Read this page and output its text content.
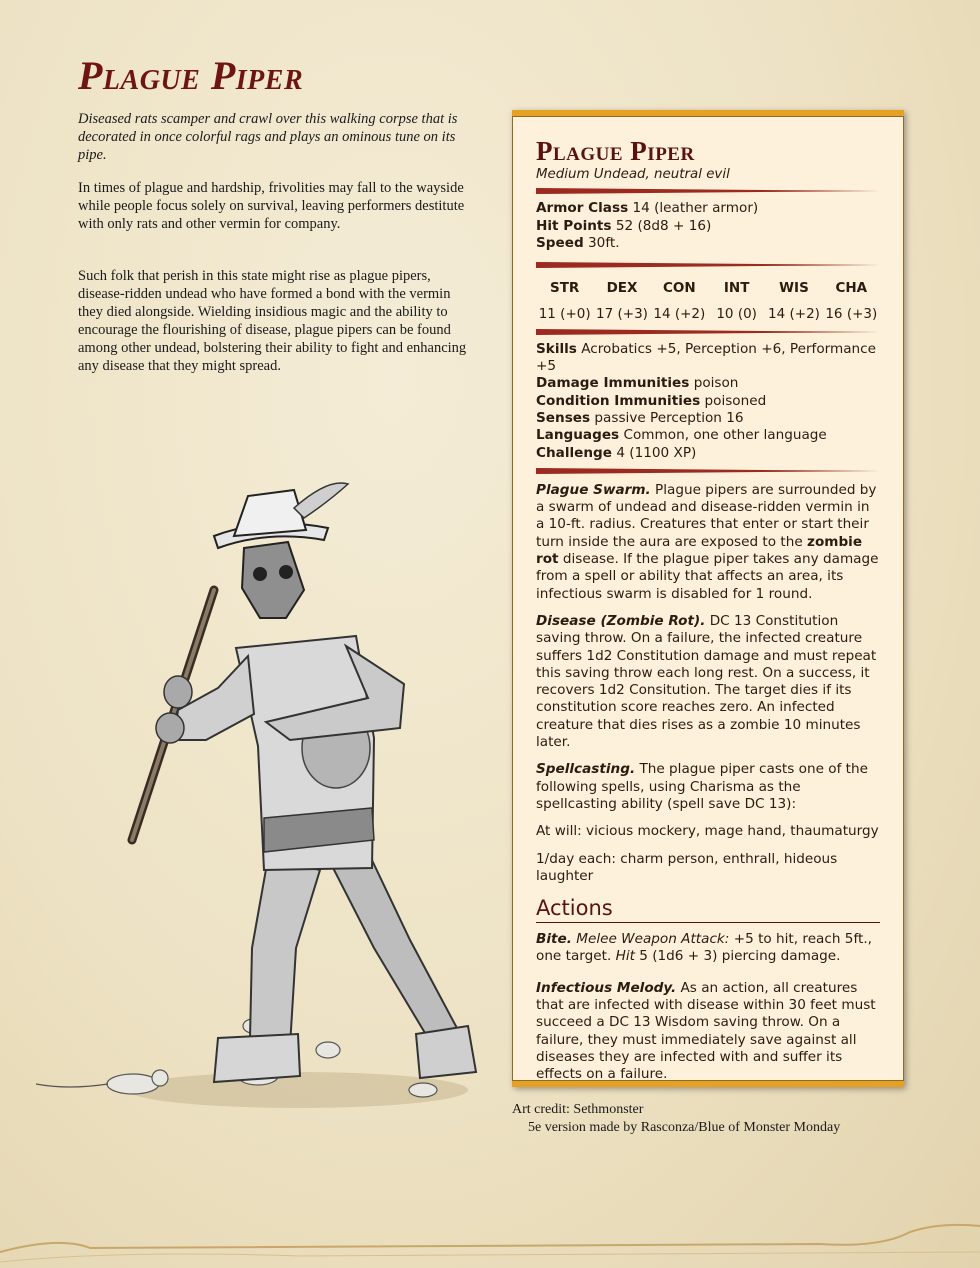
Plague Piper

Diseased rats scamper and crawl over this walking corpse that is decorated in once colorful rags and plays an ominous tune on its pipe.

In times of plague and hardship, frivolities may fall to the wayside while people focus solely on survival, leaving performers destitute with only rats and other vermin for company.

Such folk that perish in this state might rise as plague pipers, disease-ridden undead who have formed a bond with the vermin they died alongside. Wielding insidious magic and the ability to encourage the flourishing of disease, plague pipers can be found among other undead, bolstering their ability to fight and enhancing any disease that they might spread.

Plague Piper
Medium Undead, neutral evil

Armor Class 14 (leather armor)

Hit Points 52 (8d8 + 16)

Speed 30ft.

STR
11 (+0)
DEX
17 (+3)
CON
14 (+2)
INT
10 (0)
WIS
14 (+2)
CHA
16 (+3)

Skills Acrobatics +5, Perception +6, Performance +5

Damage Immunities poison

Condition Immunities poisoned

Senses passive Perception 16

Languages Common, one other language

Challenge 4 (1100 XP)

Plague Swarm. Plague pipers are surrounded by a swarm of undead and disease-ridden vermin in a 10-ft. radius. Creatures that enter or start their turn inside the aura are exposed to the zombie rot disease. If the plague piper takes any damage from a spell or ability that affects an area, its infectious swarm is disabled for 1 round.

Disease (Zombie Rot). DC 13 Constitution saving throw. On a failure, the infected creature suffers 1d2 Constitution damage and must repeat this saving throw each long rest. On a success, it recovers 1d2 Consitution. The target dies if its constitution score reaches zero. An infected creature that dies rises as a zombie 10 minutes later.

Spellcasting. The plague piper casts one of the following spells, using Charisma as the spellcasting ability (spell save DC 13):

At will: vicious mockery, mage hand, thaumaturgy

1/day each: charm person, enthrall, hideous laughter

Actions

Bite. Melee Weapon Attack: +5 to hit, reach 5ft., one target. Hit 5 (1d6 + 3) piercing damage.

Infectious Melody. As an action, all creatures that are infected with disease within 30 feet must succeed a DC 13 Wisdom saving throw. On a failure, they must immediately save against all diseases they are infected with and suffer its effects on a failure.

Art credit: Sethmonster

5e version made by Rasconza/Blue of Monster Monday
